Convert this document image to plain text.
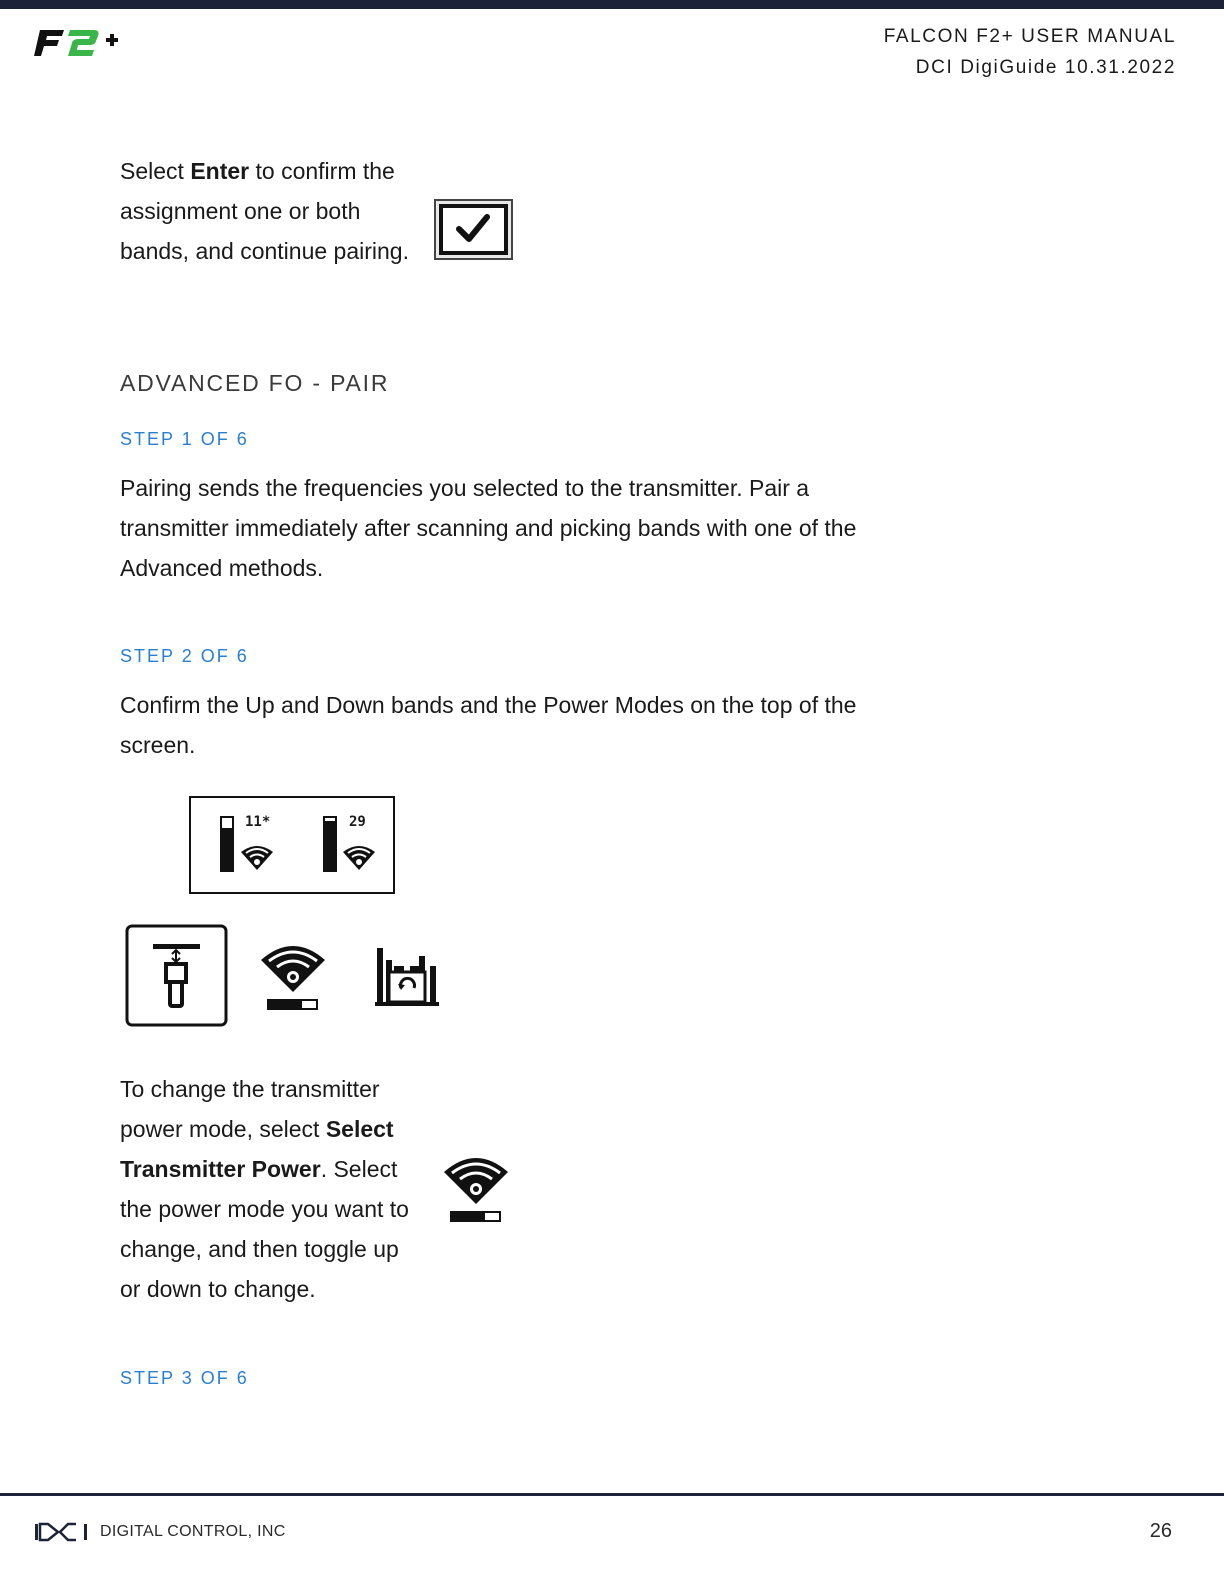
FALCON F2+ USER MANUAL
DCI DigiGuide 10.31.2022

Select Enter to confirm the assignment one or both bands, and continue pairing.

ADVANCED FO - PAIR
STEP 1 OF 6

Pairing sends the frequencies you selected to the transmitter. Pair a transmitter immediately after scanning and picking bands with one of the Advanced methods.

STEP 2 OF 6

Confirm the Up and Down bands and the Power Modes on the top of the screen.

11*	29

To change the transmitter power mode, select Select Transmitter Power. Select the power mode you want to change, and then toggle up or down to change.

STEP 3 OF 6
DIGITAL CONTROL, INC	26
